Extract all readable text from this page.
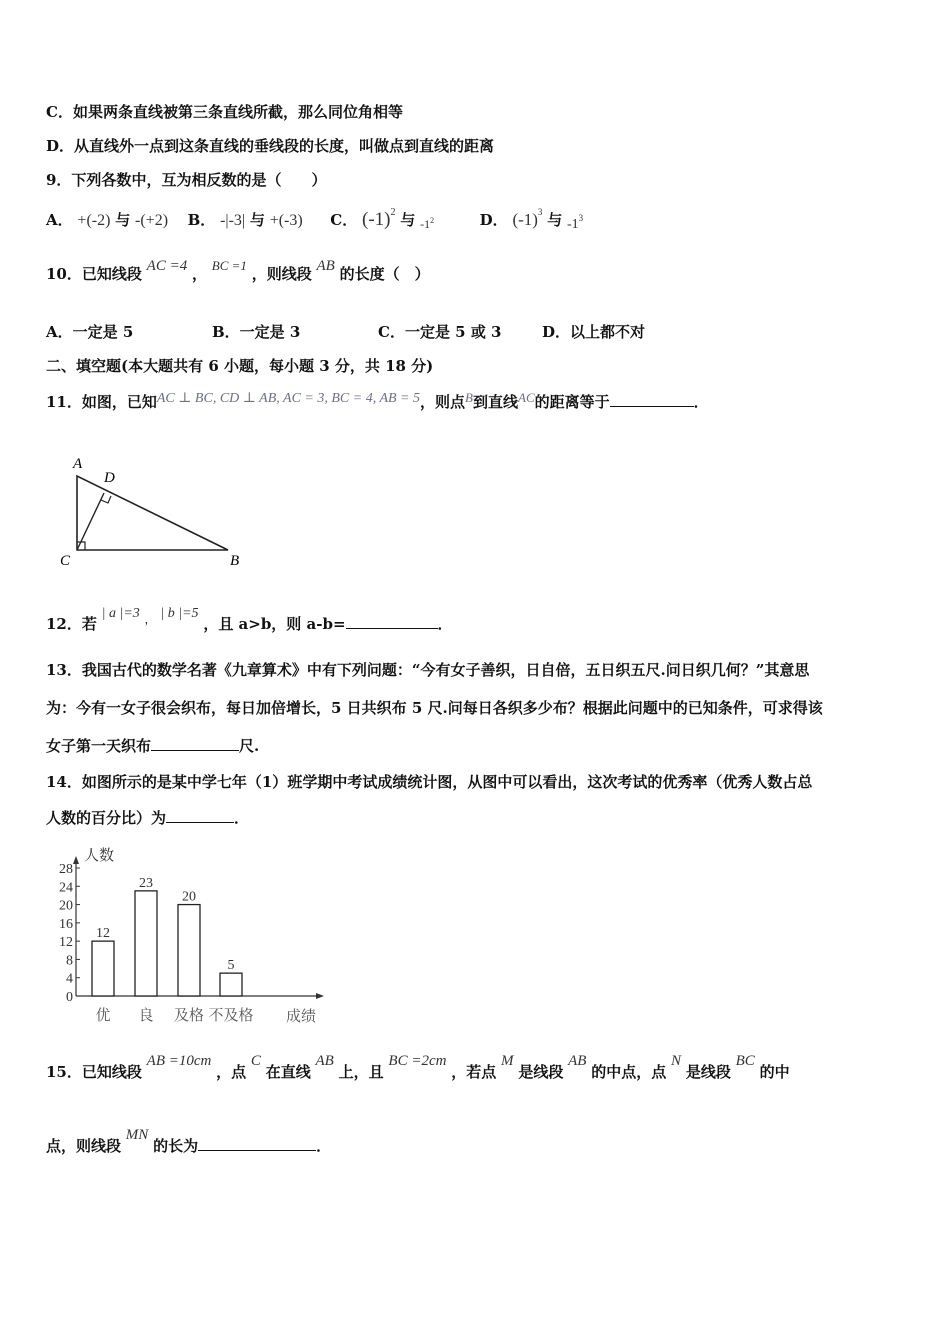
C．如果两条直线被第三条直线所截，那么同位角相等
D．从直线外一点到这条直线的垂线段的长度，叫做点到直线的距离
9．下列各数中，互为相反数的是（　　）
A． +(-2) 与 -(+2) B． -|-3| 与 +(-3) C． $(-1)^2$ 与 $_{-1}$2	D． $(-1)^3$ 与 $-1^3$
10．已知线段 AC =4 ， BC =1 ，则线段 AB 的长度（　）
A．一定是 5	B．一定是 3	C．一定是 5 或 3	D．以上都不对
二、填空题(本大题共有 6 小题，每小题 3 分，共 18 分)
11．如图，已知AC ⊥ BC, CD ⊥ AB, AC = 3, BC = 4, AB = 5，则点B到直线AC的距离等于	．
A
D
C	B
12．若 | a |=3 ， | b |=5 ，且 a>b，则 a-b=	．
13．我国古代的数学名著《九章算术》中有下列问题：“今有女子善织，日自倍，五日织五尺.问日织几何？”其意思
为：今有一女子很会织布，每日加倍增长，5 日共织布 5 尺.问每日各织多少布？根据此问题中的已知条件，可求得该
女子第一天织布	尺.
14．如图所示的是某中学七年（1）班学期中考试成绩统计图，从图中可以看出，这次考试的优秀率（优秀人数占总
人数的百分比）为	．
人数
成绩
0
4
8
12
16
20
24
28
12
优
23
良
20
及格
5
不及格
15．已知线段 AB =10cm ，点 C 在直线 AB 上，且 BC =2cm ，若点 M 是线段 AB 的中点，点 N 是线段 BC 的中
点，则线段 MN 的长为	．
